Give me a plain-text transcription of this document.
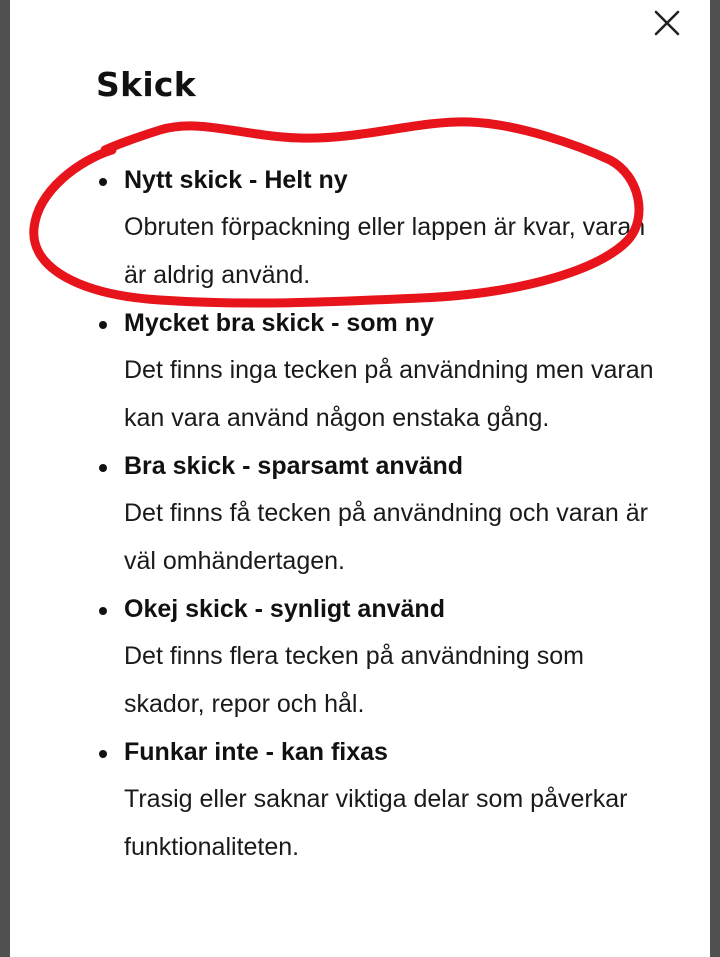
Skick
Nytt skick - Helt ny
Obruten förpackning eller lappen är kvar, varan är aldrig använd.
Mycket bra skick - som ny
Det finns inga tecken på användning men varan kan vara använd någon enstaka gång.
Bra skick - sparsamt använd
Det finns få tecken på användning och varan är väl omhändertagen.
Okej skick - synligt använd
Det finns flera tecken på användning som skador, repor och hål.
Funkar inte - kan fixas
Trasig eller saknar viktiga delar som påverkar funktionaliteten.
